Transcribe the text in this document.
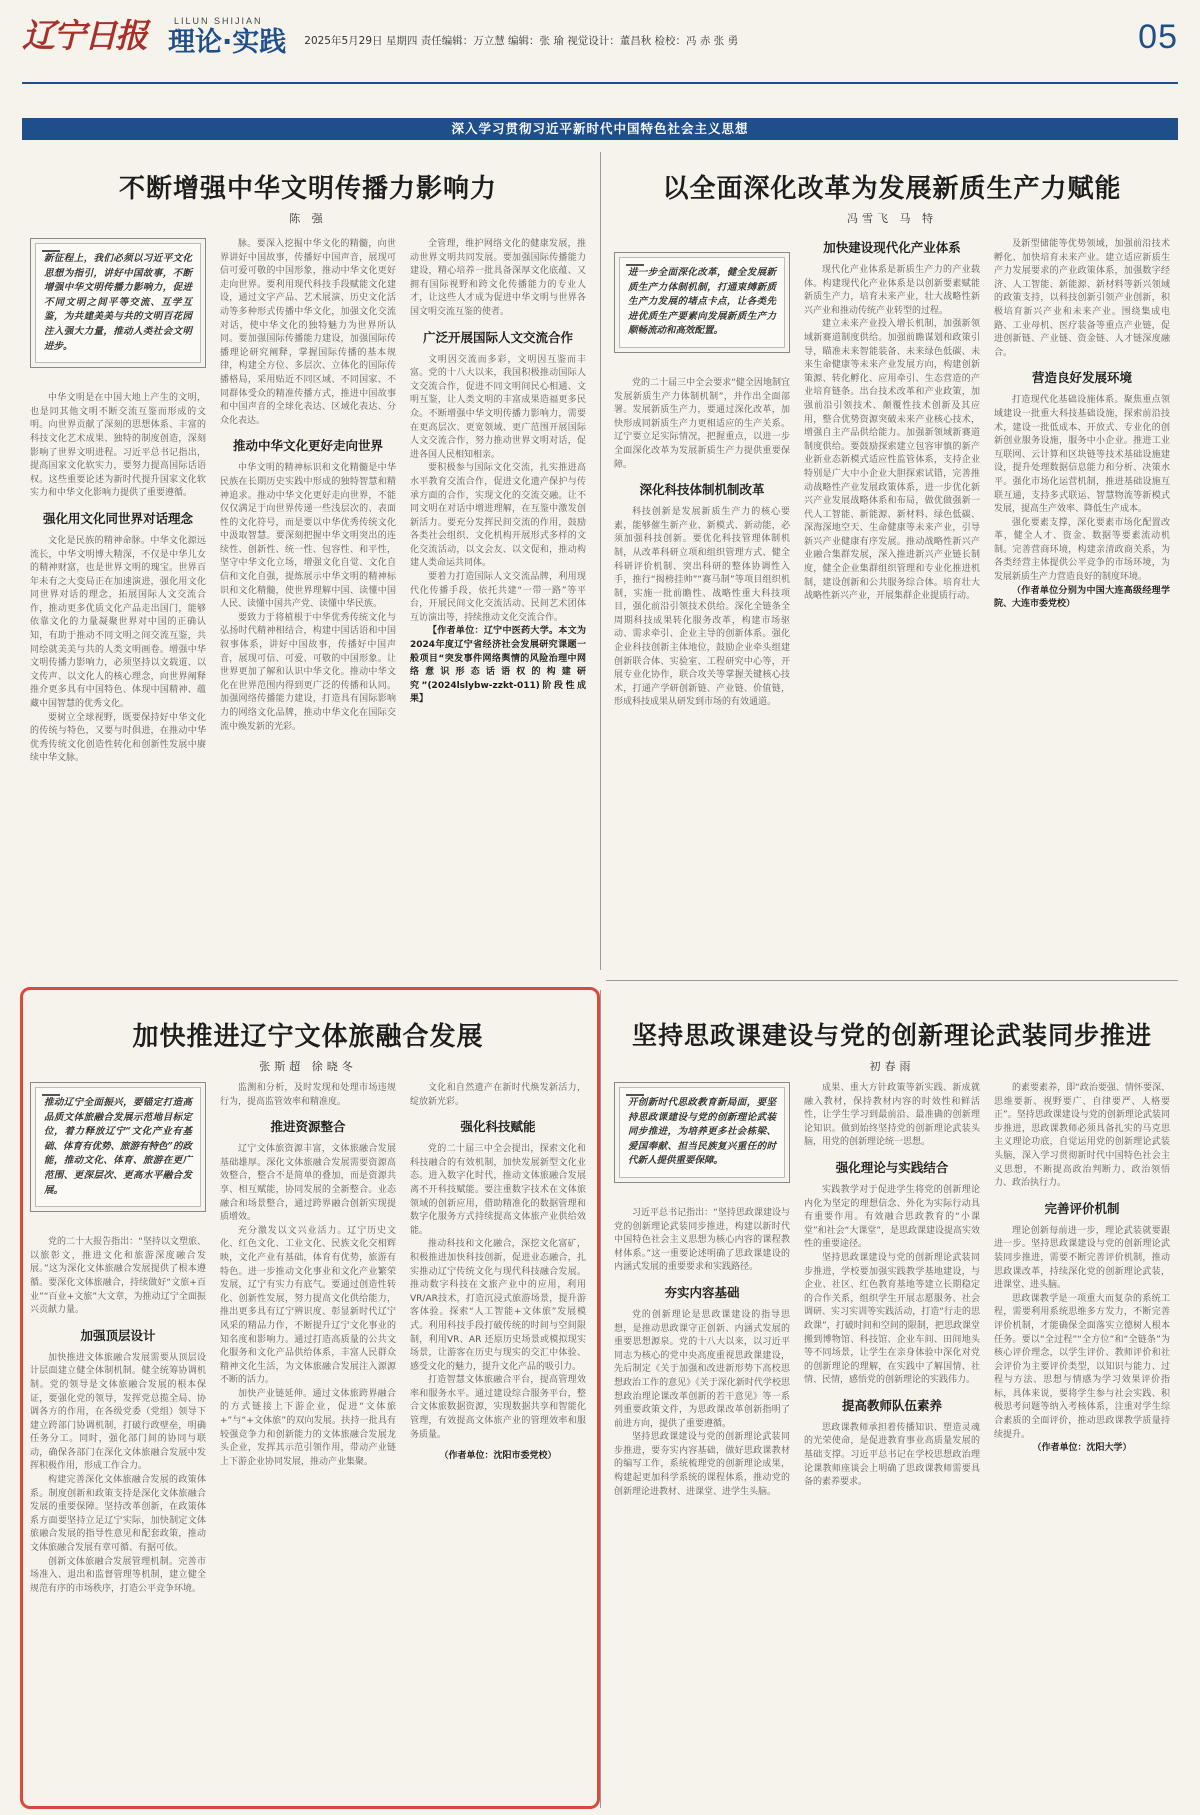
辽宁日报	LILUN SHIJIAN
理论·实践 2025年5月29日 星期四 责任编辑：万立慧 编辑：张 瑜 视觉设计：董昌秋 检校：冯 赤 张 勇	05
深入学习贯彻习近平新时代中国特色社会主义思想
不断增强中华文明传播力影响力
陈 强
新征程上，我们必须以习近平文化思想为指引，讲好中国故事，不断增强中华文明传播力影响力，促进不同文明之间平等交流、互学互鉴，为共建美美与共的文明百花园注入强大力量，推动人类社会文明进步。

中华文明是在中国大地上产生的文明，也是同其他文明不断交流互鉴而形成的文明。向世界贡献了深刻的思想体系、丰富的科技文化艺术成果、独特的制度创造，深刻影响了世界文明进程。习近平总书记指出，提高国家文化软实力，要努力提高国际话语权。这些重要论述为新时代提升国家文化软实力和中华文化影响力提供了重要遵循。

强化用文化同世界对话理念

文化是民族的精神命脉。中华文化源远流长，中华文明博大精深，不仅是中华儿女的精神财富，也是世界文明的瑰宝。世界百年未有之大变局正在加速演进，强化用文化同世界对话的理念，拓展国际人文交流合作，推动更多优质文化产品走出国门，能够依靠文化的力量凝聚世界对中国的正确认知，有助于推动不同文明之间交流互鉴，共同绘就美美与共的人类文明画卷。增强中华文明传播力影响力，必须坚持以文载道、以文传声、以文化人的核心理念，向世界阐释推介更多具有中国特色、体现中国精神、蕴藏中国智慧的优秀文化。

要树立全球视野，既要保持好中华文化的传统与特色，又要与时俱进，在推动中华优秀传统文化创造性转化和创新性发展中赓续中华文脉。

脉。要深入挖掘中华文化的精髓，向世界讲好中国故事，传播好中国声音，展现可信可爱可敬的中国形象，推动中华文化更好走向世界。要利用现代科技手段赋能文化建设，通过文字产品、艺术展演、历史文化活动等多种形式传播中华文化，加强文化交流对话，使中华文化的独特魅力为世界所认同。要加强国际传播能力建设，加强国际传播理论研究阐释，掌握国际传播的基本规律，构建全方位、多层次、立体化的国际传播格局，采用贴近不同区域、不同国家、不同群体受众的精准传播方式，推进中国故事和中国声音的全球化表达、区域化表达、分众化表达。

推动中华文化更好走向世界

中华文明的精神标识和文化精髓是中华民族在长期历史实践中形成的独特智慧和精神追求。推动中华文化更好走向世界，不能仅仅满足于向世界传递一些浅层次的、表面性的文化符号，而是要以中华优秀传统文化中汲取智慧。要深刻把握中华文明突出的连续性、创新性、统一性、包容性、和平性，坚守中华文化立场，增强文化自觉、文化自信和文化自强，提炼展示中华文明的精神标识和文化精髓，使世界理解中国、读懂中国人民、读懂中国共产党、读懂中华民族。

要致力于将植根于中华优秀传统文化与弘扬时代精神相结合，构建中国话语和中国叙事体系，讲好中国故事，传播好中国声音，展现可信、可爱、可敬的中国形象。让世界更加了解和认识中华文化。推动中华文化在世界范围内得到更广泛的传播和认同。加强网络传播能力建设，打造具有国际影响力的网络文化品牌，推动中华文化在国际交流中焕发新的光彩。

全管理，维护网络文化的健康发展，推动世界文明共同发展。要加强国际传播能力建设，精心培养一批具备深厚文化底蕴、又拥有国际视野和跨文化传播能力的专业人才，让这些人才成为促进中华文明与世界各国文明交流互鉴的使者。

广泛开展国际人文交流合作

文明因交流而多彩，文明因互鉴而丰富。党的十八大以来，我国积极推动国际人文交流合作，促进不同文明间民心相通、文明互鉴，让人类文明的丰富成果造福更多民众。不断增强中华文明传播力影响力，需要在更高层次、更宽领域、更广范围开展国际人文交流合作，努力推动世界文明对话，促进各国人民相知相亲。

要积极参与国际文化交流，扎实推进高水平教育交流合作，促进文化遗产保护与传承方面的合作，实现文化的交流交融。让不同文明在对话中增进理解，在互鉴中激发创新活力。要充分发挥民间交流的作用，鼓励各类社会组织、文化机构开展形式多样的文化交流活动，以文会友、以文促和，推动构建人类命运共同体。

要着力打造国际人文交流品牌，利用现代化传播手段，依托共建“一带一路”等平台，开展民间文化交流活动、民间艺术团体互访演出等，持续推动文化交流合作。

【作者单位：辽宁中医药大学。本文为2024年度辽宁省经济社会发展研究课题一般项目“突发事件网络舆情的风险治理中网络意识形态话语权的构建研究”(2024lslybw-zzkt-011)阶段性成果】

以全面深化改革为发展新质生产力赋能
冯雪飞 马 特
进一步全面深化改革，健全发展新质生产力体制机制，打通束缚新质生产力发展的堵点卡点，让各类先进优质生产要素向发展新质生产力顺畅流动和高效配置。

党的二十届三中全会要求“健全因地制宜发展新质生产力体制机制”，并作出全面部署。发展新质生产力，要通过深化改革，加快形成同新质生产力更相适应的生产关系。辽宁要立足实际情况，把握重点，以进一步全面深化改革为发展新质生产力提供重要保障。

深化科技体制机制改革

科技创新是发展新质生产力的核心要素，能够催生新产业、新模式、新动能，必须加强科技创新。要优化科技管理体制机制，从改革科研立项和组织管理方式、健全科研评价机制、突出科研的整体协调性入手，推行“揭榜挂帅”“赛马制”等项目组织机制，实施一批前瞻性、战略性重大科技项目，强化前沿引领技术供给。深化全链条全周期科技成果转化服务改革，构建市场驱动、需求牵引、企业主导的创新体系。强化企业科技创新主体地位，鼓励企业牵头组建创新联合体、实验室、工程研究中心等，开展专业化协作，联合攻关等掌握关键核心技术，打通产学研创新链、产业链、价值链，形成科技成果从研发到市场的有效通道。

加快建设现代化产业体系

现代化产业体系是新质生产力的产业载体。构建现代化产业体系是以创新要素赋能新质生产力，培育未来产业，壮大战略性新兴产业和推动传统产业转型的过程。

建立未来产业投入增长机制，加强新领域新赛道制度供给。加强前瞻谋划和政策引导，瞄准未来智能装备、未来绿色低碳、未来生命健康等未来产业发展方向，构建创新策源、转化孵化、应用牵引、生态营造的产业培育链条。出台技术改革和产业政策，加强前沿引领技术、颠覆性技术创新及其应用，整合优势资源突破未来产业核心技术，增强自主产品供给能力。加强新领域新赛道制度供给。要鼓励探索建立包容审慎的新产业新业态新模式适应性监管体系，支持企业特别是广大中小企业大胆探索试错，完善推动战略性产业发展政策体系，进一步优化新兴产业发展战略体系和布局，做优做强新一代人工智能、新能源、新材料、绿色低碳、深海深地空天、生命健康等未来产业，引导新兴产业健康有序发展。推动战略性新兴产业融合集群发展，深入推进新兴产业链长制度，健全企业集群组织管理和专业化推进机制，建设创新和公共服务综合体。培育壮大战略性新兴产业，开展集群企业提质行动。

及新型储能等优势领域，加强前沿技术孵化、加快培育未来产业。建立适应新质生产力发展要求的产业政策体系，加强数字经济、人工智能、新能源、新材料等新兴领域的政策支持，以科技创新引领产业创新，积极培育新兴产业和未来产业。围绕集成电路、工业母机、医疗装备等重点产业链，促进创新链、产业链、资金链、人才链深度融合。

营造良好发展环境

打造现代化基础设施体系。聚焦重点领域建设一批重大科技基础设施，探索前沿技术，建设一批低成本、开放式、专业化的创新创业服务设施，服务中小企业。推进工业互联网、云计算和区块链等技术基础设施建设，提升处理数据信息能力和分析、决策水平。强化市场化运营机制，推进基础设施互联互通，支持多式联运、智慧物流等新模式发展，提高生产效率、降低生产成本。

强化要素支撑，深化要素市场化配置改革，健全人才、资金、数据等要素流动机制。完善营商环境，构建亲清政商关系，为各类经营主体提供公平竞争的市场环境，为发展新质生产力营造良好的制度环境。

（作者单位分别为中国大连高级经理学院、大连市委党校）

加快推进辽宁文体旅融合发展
张斯超 徐晓冬
推动辽宁全面振兴，要锚定打造高品质文体旅融合发展示范地目标定位，着力释放辽宁“文化产业有基础、体育有优势、旅游有特色”的政能，推动文化、体育、旅游在更广范围、更深层次、更高水平融合发展。

党的二十大报告指出：“坚持以文塑旅、以旅彰文，推进文化和旅游深度融合发展。”这为深化文体旅融合发展提供了根本遵循。要深化文体旅融合，持续做好“文旅+百业”“百业+文旅”大文章，为推动辽宁全面振兴贡献力量。

加强顶层设计

加快推进文体旅融合发展需要从顶层设计层面建立健全体制机制。健全统筹协调机制。党的领导是文体旅融合发展的根本保证，要强化党的领导，发挥党总揽全局、协调各方的作用，在各级党委（党组）领导下建立跨部门协调机制，打破行政壁垒，明确任务分工。同时，强化部门间的协同与联动，确保各部门在深化文体旅融合发展中发挥积极作用，形成工作合力。

构建完善深化文体旅融合发展的政策体系。制度创新和政策支持是深化文体旅融合发展的重要保障。坚持改革创新，在政策体系方面要坚持立足辽宁实际，加快制定文体旅融合发展的指导性意见和配套政策，推动文体旅融合发展有章可循、有据可依。

创新文体旅融合发展管理机制。完善市场准入、退出和监督管理等机制，建立健全规范有序的市场秩序，打造公平竞争环境。

监测和分析，及时发现和处理市场违规行为，提高监管效率和精准度。

推进资源整合

辽宁文体旅资源丰富，文体旅融合发展基础雄厚。深化文体旅融合发展需要资源高效整合，整合不是简单的叠加，而是资源共享、相互赋能，协同发展的全新整合。业态融合和场景整合，通过跨界融合创新实现提质增效。

充分激发以文兴业活力。辽宁历史文化、红色文化、工业文化、民族文化交相辉映，文化产业有基础，体育有优势，旅游有特色。进一步推动文化事业和文化产业繁荣发展，辽宁有实力有底气。要通过创造性转化、创新性发展，努力提高文化供给能力，推出更多具有辽宁辨识度、彰显新时代辽宁风采的精品力作，不断提升辽宁文化事业的知名度和影响力。通过打造高质量的公共文化服务和文化产品供给体系，丰富人民群众精神文化生活，为文体旅融合发展注入源源不断的活力。

加快产业链延伸。通过文体旅跨界融合的方式链接上下游企业，促进“文体旅+”与“+文体旅”的双向发展。扶持一批具有较强竞争力和创新能力的文体旅融合发展龙头企业，发挥其示范引领作用，带动产业链上下游企业协同发展，推动产业集聚。

文化和自然遗产在新时代焕发新活力，绽放新光彩。

强化科技赋能

党的二十届三中全会提出，探索文化和科技融合的有效机制，加快发展新型文化业态。进入数字化时代，推动文体旅融合发展离不开科技赋能。要注重数字技术在文体旅领域的创新应用，借助精准化的数据管理和数字化服务方式持续提高文体旅产业供给效能。

推动科技和文化融合，深挖文化富矿，积极推进加快科技创新，促进业态融合，扎实推动辽宁传统文化与现代科技融合发展。推动数字科技在文旅产业中的应用，利用VR/AR技术，打造沉浸式旅游场景，提升游客体验。探索“人工智能+文体旅”发展模式。利用科技手段打破传统的时间与空间限制，利用VR、AR 还原历史场景或模拟现实场景，让游客在历史与现实的交汇中体验、感受文化的魅力，提升文化产品的吸引力。

打造智慧文体旅融合平台，提高管理效率和服务水平。通过建设综合服务平台，整合文体旅数据资源，实现数据共享和智能化管理，有效提高文体旅产业的管理效率和服务质量。

（作者单位：沈阳市委党校）

坚持思政课建设与党的创新理论武装同步推进
初春雨
开创新时代思政教育新局面，要坚持思政课建设与党的创新理论武装同步推进，为培养更多社会栋梁、爱国奉献、担当民族复兴重任的时代新人提供重要保障。

习近平总书记指出：“坚持思政课建设与党的创新理论武装同步推进，构建以新时代中国特色社会主义思想为核心内容的课程教材体系。”这一重要论述明确了思政课建设的内涵式发展的重要要求和实践路径。

夯实内容基础

党的创新理论是思政课建设的指导思想，是推动思政课守正创新、内涵式发展的重要思想源泉。党的十八大以来，以习近平同志为核心的党中央高度重视思政课建设，先后制定《关于加强和改进新形势下高校思想政治工作的意见》《关于深化新时代学校思想政治理论课改革创新的若干意见》等一系列重要政策文件，为思政课改革创新指明了前进方向，提供了重要遵循。

坚持思政课建设与党的创新理论武装同步推进，要夯实内容基础，做好思政课教材的编写工作，系统梳理党的创新理论成果，构建起更加科学系统的课程体系，推动党的创新理论进教材、进课堂、进学生头脑。

成果、重大方针政策等新实践、新成就融入教材，保持教材内容的时效性和鲜活性，让学生学习到最前沿、最准确的创新理论知识。做到始终坚持党的创新理论武装头脑，用党的创新理论统一思想。

强化理论与实践结合

实践教学对于促进学生将党的创新理论内化为坚定的理想信念、外化为实际行动具有重要作用。有效融合思政教育的“小课堂”和社会“大课堂”，是思政课建设提高实效性的重要途径。

坚持思政课建设与党的创新理论武装同步推进，学校要加强实践教学基地建设，与企业、社区、红色教育基地等建立长期稳定的合作关系，组织学生开展志愿服务、社会调研、实习实训等实践活动，打造“行走的思政课”，打破时间和空间的限制，把思政课堂搬到博物馆、科技馆、企业车间、田间地头等不同场景，让学生在亲身体验中深化对党的创新理论的理解，在实践中了解国情、社情、民情，感悟党的创新理论的实践伟力。

提高教师队伍素养

思政课教师承担着传播知识、塑造灵魂的光荣使命，是促进教育事业高质量发展的基础支撑。习近平总书记在学校思想政治理论课教师座谈会上明确了思政课教师需要具备的素养要求。

的素要素养，即“政治要强、情怀要深、思维要新、视野要广、自律要严、人格要正”。坚持思政课建设与党的创新理论武装同步推进，思政课教师必须具备扎实的马克思主义理论功底，自觉运用党的创新理论武装头脑，深入学习贯彻新时代中国特色社会主义思想，不断提高政治判断力、政治领悟力、政治执行力。

完善评价机制

理论创新每前进一步，理论武装就要跟进一步。坚持思政课建设与党的创新理论武装同步推进，需要不断完善评价机制，推动思政课改革，持续深化党的创新理论武装，进课堂、进头脑。

思政课教学是一项重大而复杂的系统工程，需要利用系统思维多方发力，不断完善评价机制，才能确保全面落实立德树人根本任务。要以“全过程”“全方位”和“全链条”为核心评价理念，以学生评价、教师评价和社会评价为主要评价类型，以知识与能力、过程与方法、思想与情感为学习效果评价指标，具体来说，要将学生参与社会实践、积极思考问题等纳入考核体系，注重对学生综合素质的全面评价，推动思政课教学质量持续提升。

（作者单位：沈阳大学）
